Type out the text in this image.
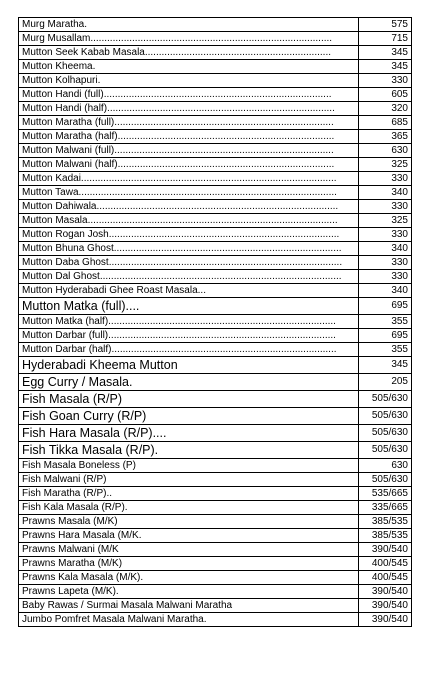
Murg Maratha.	575
Murg Musallam.......................................................................................	715
Mutton Seek Kabab Masala...................................................................	345
Mutton Kheema.	345
Mutton Kolhapuri.	330
Mutton Handi (full)..................................................................................	605
Mutton Handi (half)..................................................................................	320
Mutton Maratha (full)...............................................................................	685
Mutton Maratha (half)..............................................................................	365
Mutton Malwani (full)...............................................................................	630
Mutton Malwani (half)..............................................................................	325
Mutton Kadai............................................................................................	330
Mutton Tawa.............................................................................................	340
Mutton Dahiwala.......................................................................................	330
Mutton Masala..........................................................................................	325
Mutton Rogan Josh...................................................................................	330
Mutton Bhuna Ghost..................................................................................	340
Mutton Daba Ghost....................................................................................	330
Mutton Dal Ghost.......................................................................................	330
Mutton Hyderabadi Ghee Roast Masala...	340
Mutton Matka (full)....	695
Mutton Matka (half)..................................................................................	355
Mutton Darbar (full)..................................................................................	695
Mutton Darbar (half).................................................................................	355
Hyderabadi Kheema Mutton	345
Egg Curry / Masala.	205
Fish Masala (R/P)	505/630
Fish Goan Curry (R/P)	505/630
Fish Hara Masala (R/P)....	505/630
Fish Tikka Masala (R/P).	505/630
Fish Masala Boneless (P)	630
Fish Malwani (R/P)	505/630
Fish Maratha (R/P)..	535/665
Fish Kala Masala (R/P).	335/665
Prawns Masala (M/K)	385/535
Prawns Hara Masala (M/K.	385/535
Prawns Malwani (M/K	390/540
Prawns Maratha (M/K)	400/545
Prawns Kala Masala (M/K).	400/545
Prawns Lapeta (M/K).	390/540
Baby Rawas / Surmai Masala Malwani Maratha	390/540
Jumbo Pomfret Masala Malwani Maratha.	390/540
